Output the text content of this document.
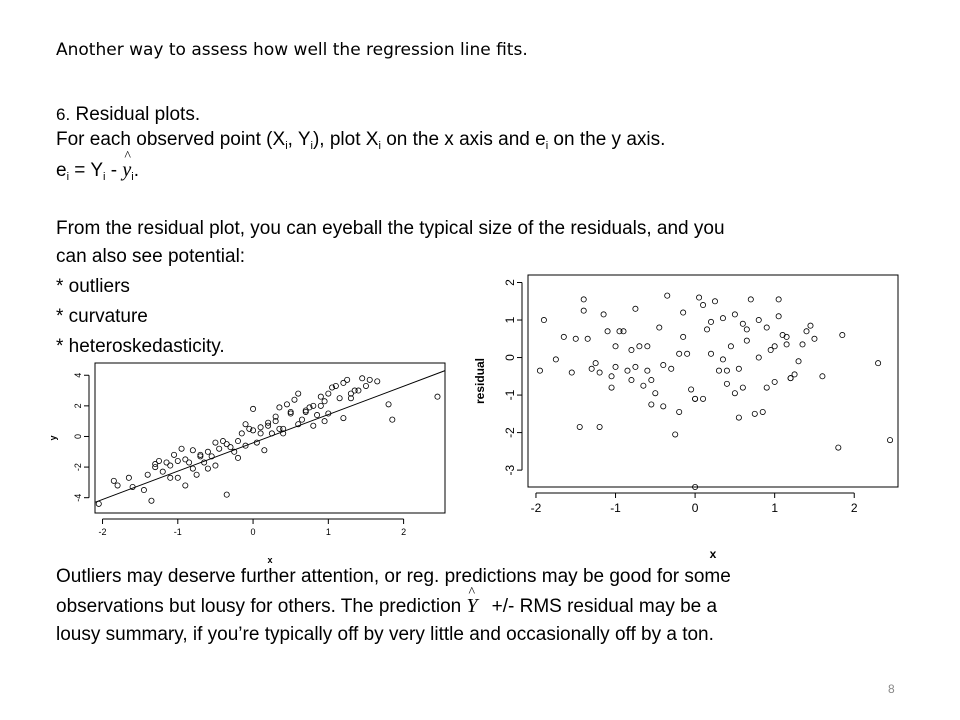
Another way to assess how well the regression line fits.
6. Residual plots.
For each observed point ($X_i$, $Y_i$), plot $X_i$ on the x axis and $e_i$ on the y axis.
$e_i = Y_i$ - ^ $y_i$.
From the residual plot, you can eyeball the typical size of the residuals, and you
can also see potential:
* outliers
* curvature
* heteroskedasticity.
-2	-1	0	1	2
-4
-2
0
2
4
x
y
-2	-1	0	1	2
-3
-2
-1
0
1
2
x
residual
Outliers may deserve further attention, or reg. predictions may be good for some
observations but lousy for others. The prediction ^ Y +/- RMS residual may be a
lousy summary, if you’re typically off by very little and occasionally off by a ton.
8
